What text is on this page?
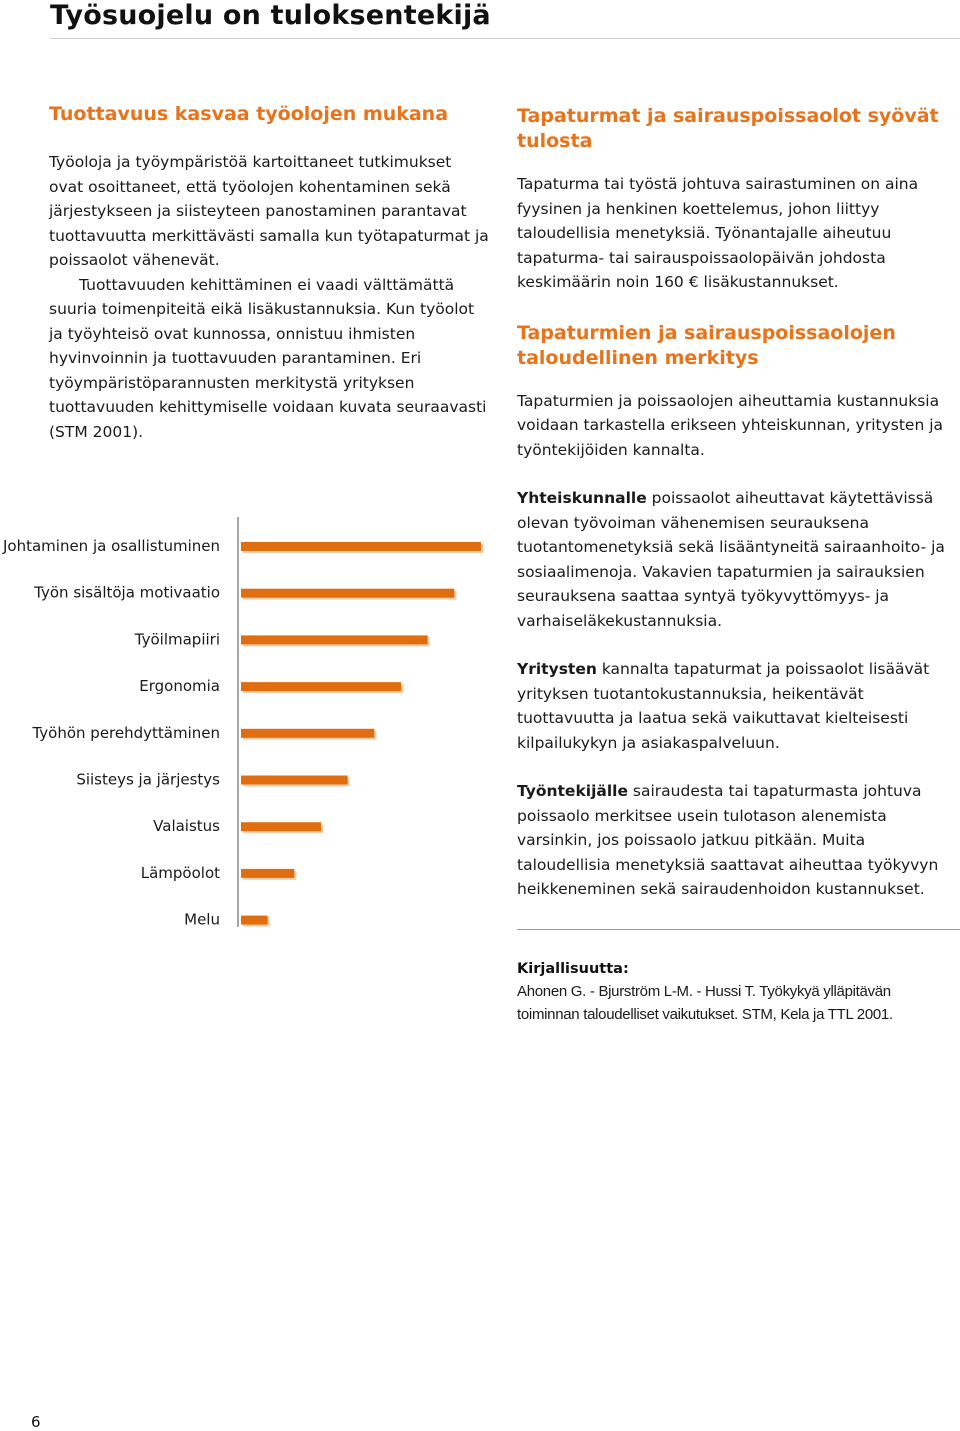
Työsuojelu on tuloksentekijä
Tuottavuus kasvaa työolojen mukana

Työoloja ja työympäristöä kartoittaneet tutkimukset ovat osoittaneet, että työolojen kohentaminen sekä järjestykseen ja siisteyteen panostaminen parantavat tuottavuutta merkittävästi samalla kun työtapaturmat ja poissaolot vähenevät.

Tuottavuuden kehittäminen ei vaadi välttämättä suuria toimenpiteitä eikä lisäkustannuksia. Kun työolot ja työyhteisö ovat kunnossa, onnistuu ihmisten hyvinvoinnin ja tuottavuuden parantaminen. Eri työympäristöparannusten merkitystä yrityksen tuottavuuden kehittymiselle voidaan kuvata seuraavasti (STM 2001).

Johtaminen ja osallistuminen
Työn sisältöja motivaatio
Työilmapiiri
Ergonomia
Työhön perehdyttäminen
Siisteys ja järjestys
Valaistus
Lämpöolot
Melu
Tapaturmat ja sairauspoissaolot syövät tulosta

Tapaturma tai työstä johtuva sairastuminen on aina fyysinen ja henkinen koettelemus, johon liittyy taloudellisia menetyksiä. Työnantajalle aiheutuu tapaturma- tai sairauspoissaolopäivän johdosta keskimäärin noin 160 € lisäkustannukset.

Tapaturmien ja sairauspoissaolojen taloudellinen merkitys

Tapaturmien ja poissaolojen aiheuttamia kustannuksia voidaan tarkastella erikseen yhteiskunnan, yritysten ja työntekijöiden kannalta.

Yhteiskunnalle poissaolot aiheuttavat käytettävissä olevan työvoiman vähenemisen seurauksena tuotantomenetyksiä sekä lisääntyneitä sairaanhoito- ja sosiaalimenoja. Vakavien tapaturmien ja sairauksien seurauksena saattaa syntyä työkyvyttömyys- ja varhaiseläkekustannuksia.

Yritysten kannalta tapaturmat ja poissaolot lisäävät yrityksen tuotantokustannuksia, heikentävät tuottavuutta ja laatua sekä vaikuttavat kielteisesti kilpailukykyn ja asiakaspalveluun.

Työntekijälle sairaudesta tai tapaturmasta johtuva poissaolo merkitsee usein tulotason alenemista varsinkin, jos poissaolo jatkuu pitkään. Muita taloudellisia menetyksiä saattavat aiheuttaa työkyvyn heikkeneminen sekä sairaudenhoidon kustannukset.

Kirjallisuutta:
Ahonen G. - Bjurström L-M. - Hussi T. Työkykyä ylläpitävän toiminnan taloudelliset vaikutukset. STM, Kela ja TTL 2001.
6
